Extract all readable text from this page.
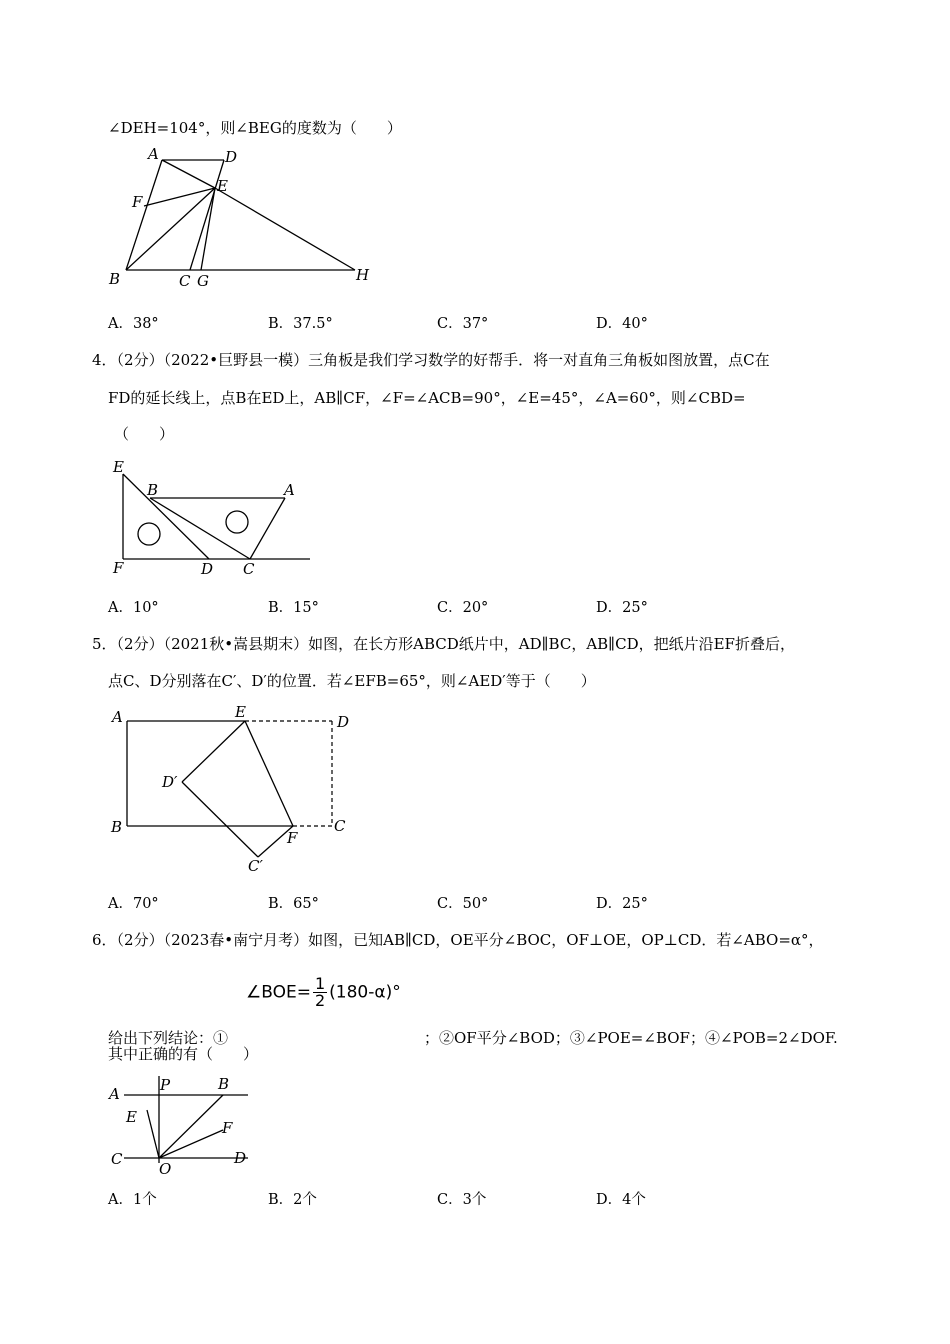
∠DEH=104°，则∠BEG的度数为（　　）
A	D
E
F
B	C G	H
A．38°	B．37.5°	C．37°	D．40°
4．（2分）（2022•巨野县一模）三角板是我们学习数学的好帮手．将一对直角三角板如图放置，点C在
FD的延长线上，点B在ED上，AB∥CF，∠F=∠ACB=90°，∠E=45°，∠A=60°，则∠CBD=
（　　）
E
B	A
F	D C
A．10°	B．15°	C．20°	D．25°
5．（2分）（2021秋•嵩县期末）如图，在长方形ABCD纸片中，AD∥BC，AB∥CD，把纸片沿EF折叠后，
点C、D分别落在C′、D′的位置．若∠EFB=65°，则∠AED′等于（　　）
A	E
D
D′
B
F
C
C′
A．70°	B．65°	C．50°	D．25°
6．（2分）（2023春•南宁月考）如图，已知AB∥CD，OE平分∠BOC，OF⊥OE，OP⊥CD．若∠ABO=α°，
给出下列结论：①
∠BOE= $\frac{1}{2} (180-\alpha)^\circ$
；②OF平分∠BOD；③∠POE=∠BOF；④∠POB=2∠DOF.
其中正确的有（　　）
A	P	B
E
F
C
O
D
A．1个	B．2个	C．3个	D．4个
